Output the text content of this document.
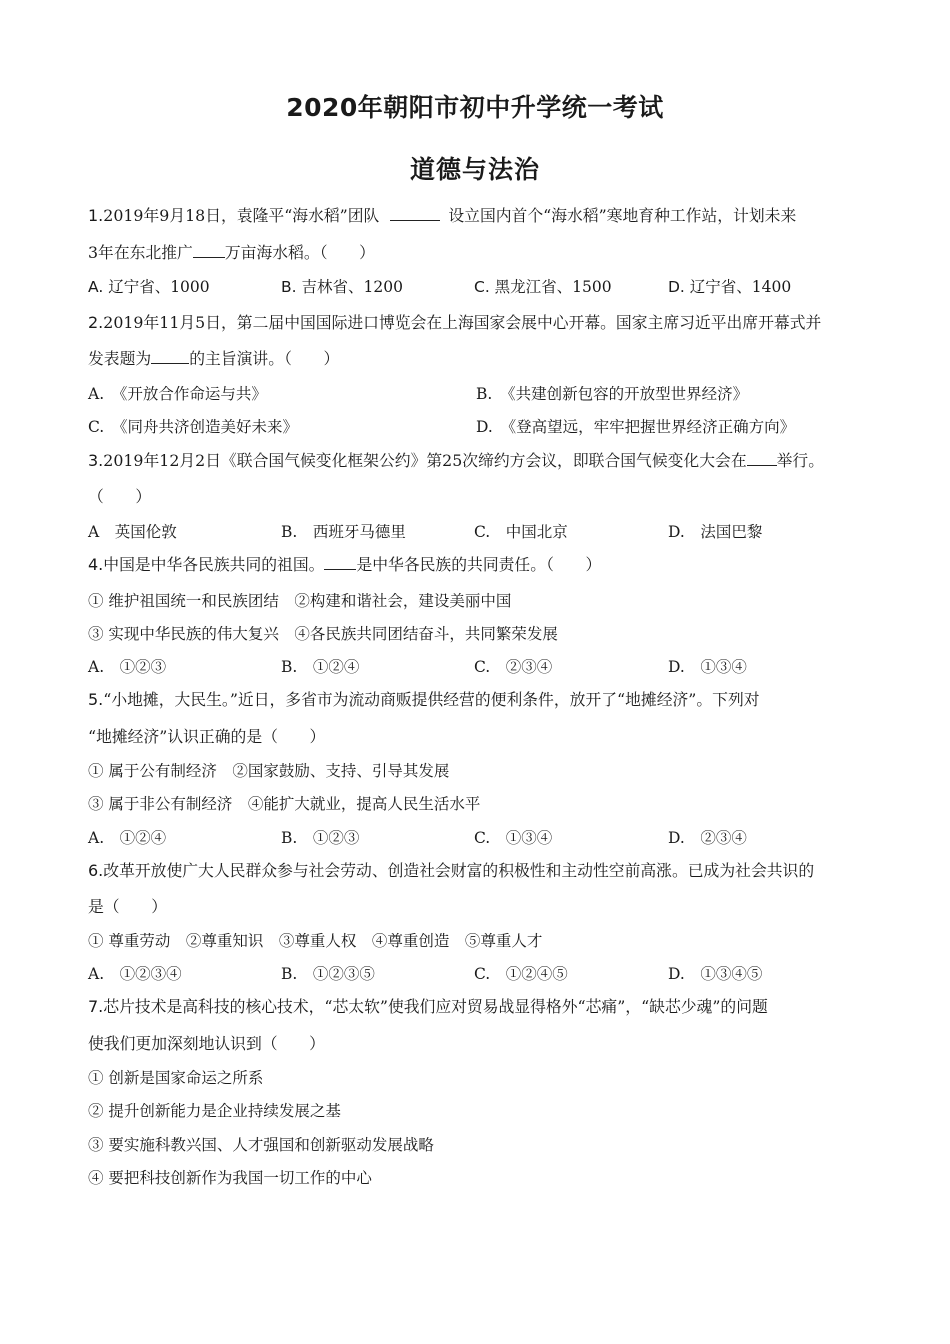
2020年朝阳市初中升学统一考试
道德与法治
1.2019年9月18日，袁隆平“海水稻”团队	设立国内首个“海水稻”寒地育种工作站，计划未来
3年在东北推广 万亩海水稻。（　　）
A. 辽宁省、1000	B. 吉林省、1200	C. 黑龙江省、1500	D. 辽宁省、1400
2.2019年11月5日，第二届中国国际进口博览会在上海国家会展中心开幕。国家主席习近平出席开幕式并
发表题为 的主旨演讲。（　　）
A.　《开放合作命运与共》	B.　《共建创新包容的开放型世界经济》
C.　《同舟共济创造美好未来》	D.　《登高望远，牢牢把握世界经济正确方向》
3.2019年12月2日《联合国气候变化框架公约》第25次缔约方会议，即联合国气候变化大会在 举行。
（　　）
A　英国伦敦	B.　西班牙马德里	C.　中国北京	D.　法国巴黎
4.中国是中华各民族共同的祖国。 是中华各民族的共同责任。（　　）
① 维护祖国统一和民族团结　②构建和谐社会，建设美丽中国
③ 实现中华民族的伟大复兴　④各民族共同团结奋斗，共同繁荣发展
A.　①②③	B.　①②④	C.　②③④	D.　①③④
5.“小地摊，大民生。”近日，多省市为流动商贩提供经营的便利条件，放开了“地摊经济”。下列对
“地摊经济”认识正确的是（　　）
① 属于公有制经济　②国家鼓励、支持、引导其发展
③ 属于非公有制经济　④能扩大就业，提高人民生活水平
A.　①②④	B.　①②③	C.　①③④	D.　②③④
6.改革开放使广大人民群众参与社会劳动、创造社会财富的积极性和主动性空前高涨。已成为社会共识的
是（　　）
① 尊重劳动　②尊重知识　③尊重人权　④尊重创造　⑤尊重人才
A.　①②③④	B.　①②③⑤	C.　①②④⑤	D.　①③④⑤
7.芯片技术是高科技的核心技术，“芯太软”使我们应对贸易战显得格外“芯痛”，“缺芯少魂”的问题
使我们更加深刻地认识到（　　）
① 创新是国家命运之所系
② 提升创新能力是企业持续发展之基
③ 要实施科教兴国、人才强国和创新驱动发展战略
④ 要把科技创新作为我国一切工作的中心
